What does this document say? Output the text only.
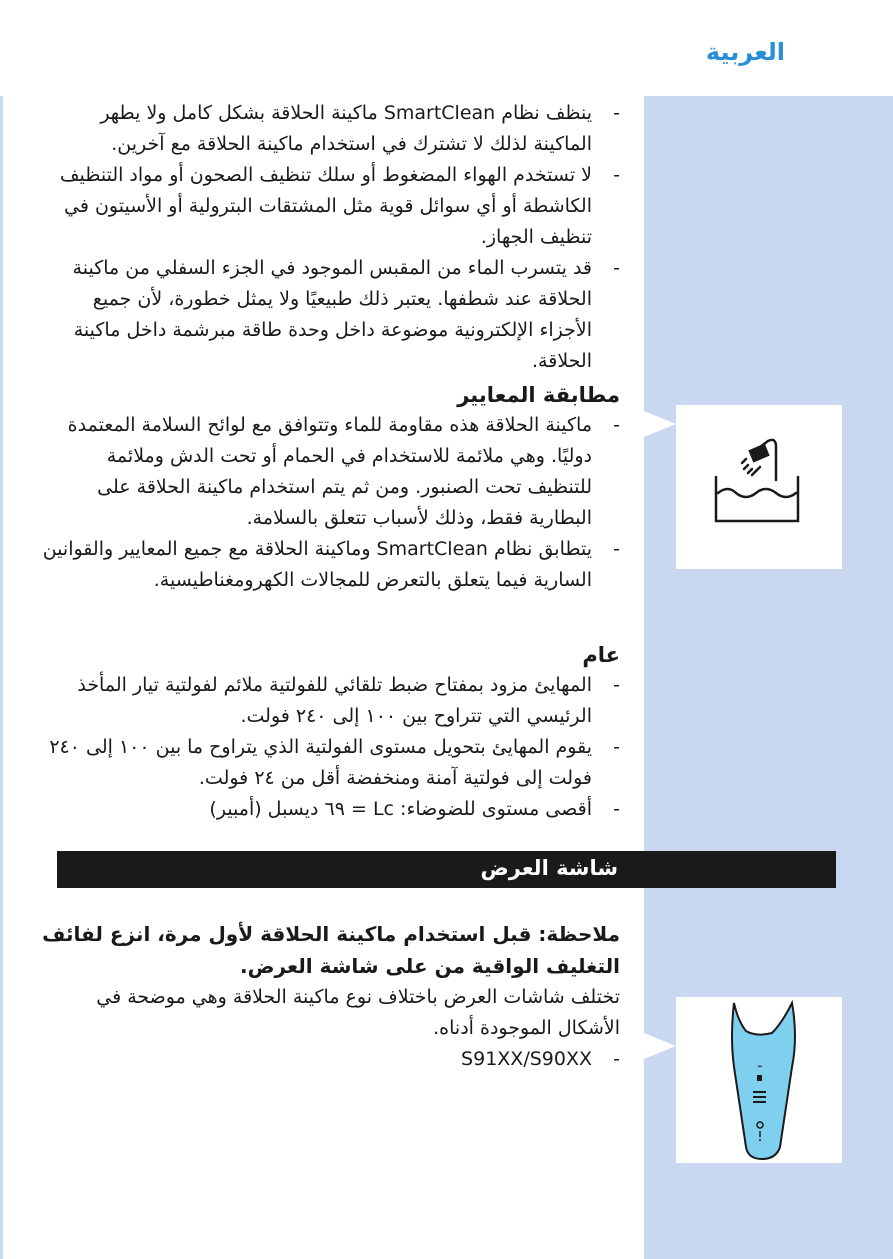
العربية
-
ينظف نظام SmartClean ماكينة الحلاقة بشكل كامل ولا يطهر الماكينة لذلك لا تشترك في استخدام ماكينة الحلاقة مع آخرين.
-
لا تستخدم الهواء المضغوط أو سلك تنظيف الصحون أو مواد التنظيف الكاشطة أو أي سوائل قوية مثل المشتقات البترولية أو الأسيتون في تنظيف الجهاز.
-
قد يتسرب الماء من المقبس الموجود في الجزء السفلي من ماكينة الحلاقة عند شطفها. يعتبر ذلك طبيعيًا ولا يمثل خطورة، لأن جميع الأجزاء الإلكترونية موضوعة داخل وحدة طاقة مبرشمة داخل ماكينة الحلاقة.
مطابقة المعايير
-
ماكينة الحلاقة هذه مقاومة للماء وتتوافق مع لوائح السلامة المعتمدة دوليًا. وهي ملائمة للاستخدام في الحمام أو تحت الدش وملائمة للتنظيف تحت الصنبور. ومن ثم يتم استخدام ماكينة الحلاقة على البطارية فقط، وذلك لأسباب تتعلق بالسلامة.
-
يتطابق نظام SmartClean وماكينة الحلاقة مع جميع المعايير والقوانين السارية فيما يتعلق بالتعرض للمجالات الكهرومغناطيسية.
عام
-
المهايئ مزود بمفتاح ضبط تلقائي للفولتية ملائم لفولتية تيار المأخذ الرئيسي التي تتراوح بين ١٠٠ إلى ٢٤٠ فولت.
-
يقوم المهايئ بتحويل مستوى الفولتية الذي يتراوح ما بين ١٠٠ إلى ٢٤٠ فولت إلى فولتية آمنة ومنخفضة أقل من ٢٤ فولت.
-
أقصى مستوى للضوضاء: Lc = ٦٩ ديسبل (أمبير)
شاشة العرض
ملاحظة: قبل استخدام ماكينة الحلاقة لأول مرة، انزع لفائف التغليف الواقية من على شاشة العرض.
تختلف شاشات العرض باختلاف نوع ماكينة الحلاقة وهي موضحة في الأشكال الموجودة أدناه.
-
S91XX/S90XX	⌁
